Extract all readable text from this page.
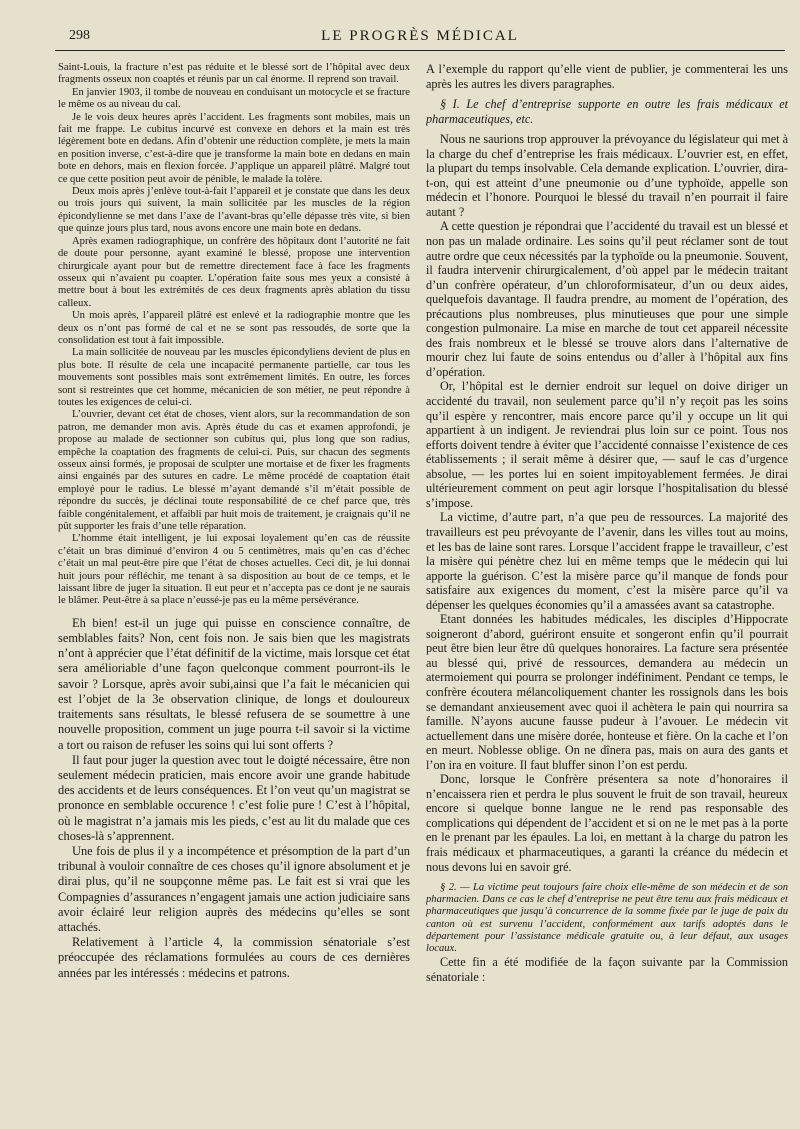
298	LE PROGRÈS MÉDICAL

Saint-Louis, la fracture n’est pas réduite et le blessé sort de l’hôpital avec deux fragments osseux non coaptés et réunis par un cal énorme. Il reprend son travail.

En janvier 1903, il tombe de nouveau en conduisant un motocycle et se fracture le même os au niveau du cal.

Je le vois deux heures après l’accident. Les fragments sont mobiles, mais un fait me frappe. Le cubitus incurvé est convexe en dehors et la main est très légèrement bote en dedans. Afin d’obtenir une réduction complète, je mets la main en position inverse, c’est-à-dire que je transforme la main bote en dedans en main bote en dehors, mais en flexion forcée. J’applique un appareil plâtré. Malgré tout ce que cette position peut avoir de pénible, le malade la tolère.

Deux mois après j’enlève tout-à-fait l’appareil et je constate que dans les deux ou trois jours qui suivent, la main sollicitée par les muscles de la région épicondylienne se met dans l’axe de l’avant-bras qu’elle dépasse très vite, si bien que quinze jours plus tard, nous avons encore une main bote en dedans.

Après examen radiographique, un confrère des hôpitaux dont l’autorité ne fait de doute pour personne, ayant examiné le blessé, propose une intervention chirurgicale ayant pour but de remettre directement face à face les fragments osseux qui n’avaient pu coapter. L’opération faite sous mes yeux a consisté à mettre bout à bout les extrémités de ces deux fragments après ablation du tissu calleux.

Un mois après, l’appareil plâtré est enlevé et la radiographie montre que les deux os n’ont pas formé de cal et ne se sont pas ressoudés, de sorte que la consolidation est tout à fait impossible.

La main sollicitée de nouveau par les muscles épicondyliens devient de plus en plus bote. Il résulte de cela une incapacité permanente partielle, car tous les mouvements sont possibles mais sont extrêmement limités. En outre, les forces sont si restreintes que cet homme, mécanicien de son métier, ne peut répondre à toutes les exigences de celui-ci.

L’ouvrier, devant cet état de choses, vient alors, sur la recommandation de son patron, me demander mon avis. Après étude du cas et examen approfondi, je propose au malade de sectionner son cubitus qui, plus long que son radius, empêche la coaptation des fragments de celui-ci. Puis, sur chacun des segments osseux ainsi formés, je proposai de sculpter une mortaise et de fixer les fragments ainsi engainés par des sutures en cadre. Le même procédé de coaptation était employé pour le radius. Le blessé m’ayant demandé s’il m’était possible de répondre du succès, je déclinai toute responsabilité de ce chef parce que, très faible congénitalement, et affaibli par huit mois de traitement, je craignais qu’il ne pût supporter les frais d’une telle réparation.

L’homme était intelligent, je lui exposai loyalement qu’en cas de réussite c’était un bras diminué d’environ 4 ou 5 centimètres, mais qu’en cas d’échec c’était un mal peut-être pire que l’état de choses actuelles. Ceci dit, je lui donnai huit jours pour réfléchir, me tenant à sa disposition au bout de ce temps, et le laissant libre de juger la situation. Il eut peur et n’accepta pas ce dont je ne saurais le blâmer. Peut-être à sa place n’eussé-je pas eu la même persévérance.

Eh bien! est-il un juge qui puisse en conscience connaître, de semblables faits? Non, cent fois non. Je sais bien que les magistrats n’ont à apprécier que l’état définitif de la victime, mais lorsque cet état sera amélioriable d’une façon quelconque comment pourront-ils le savoir ? Lorsque, après avoir subi,ainsi que l’a fait le mécanicien qui est l’objet de la 3e observation clinique, de longs et douloureux traitements sans résultats, le blessé refusera de se soumettre à une nouvelle proposition, comment un juge pourra t-il savoir si la victime a tort ou raison de refuser les soins qui lui sont offerts ?

Il faut pour juger la question avec tout le doigté nécessaire, être non seulement médecin praticien, mais encore avoir une grande habitude des accidents et de leurs conséquences. Et l’on veut qu’un magistrat se prononce en semblable occurence ! c’est folie pure ! C’est à l’hôpital, où le magistrat n’a jamais mis les pieds, c’est au lit du malade que ces choses-là s’apprennent.

Une fois de plus il y a incompétence et présomption de la part d’un tribunal à vouloir connaître de ces choses qu’il ignore absolument et je dirai plus, qu’il ne soupçonne même pas. Le fait est si vrai que les Compagnies d’assurances n’engagent jamais une action judiciaire sans avoir éclairé leur religion auprès des médecins qu’elles se sont attachés.

Relativement à l’article 4, la commission sénatoriale s’est préoccupée des réclamations formulées au cours de ces dernières années par les intéressés : médecins et patrons.

A l’exemple du rapport qu’elle vient de publier, je commenterai les uns après les autres les divers paragraphes.

§ I. Le chef d’entreprise supporte en outre les frais médicaux et pharmaceutiques, etc.

Nous ne saurions trop approuver la prévoyance du législateur qui met à la charge du chef d’entreprise les frais médicaux. L’ouvrier est, en effet, la plupart du temps insolvable. Cela demande explication. L’ouvrier, dira-t-on, qui est atteint d’une pneumonie ou d’une typhoïde, appelle son médecin et l’honore. Pourquoi le blessé du travail n’en pourrait il faire autant ?

A cette question je répondrai que l’accidenté du travail est un blessé et non pas un malade ordinaire. Les soins qu’il peut réclamer sont de tout autre ordre que ceux nécessités par la typhoïde ou la pneumonie. Souvent, il faudra intervenir chirurgicalement, d’où appel par le médecin traitant d’un confrère opérateur, d’un chloroformisateur, d’un ou deux aides, quelquefois davantage. Il faudra prendre, au moment de l’opération, des précautions plus nombreuses, plus minutieuses que pour une simple congestion pulmonaire. La mise en marche de tout cet appareil nécessite des frais nombreux et le blessé se trouve alors dans l’alternative de mourir chez lui faute de soins entendus ou d’aller à l’hôpital aux fins d’opération.

Or, l’hôpital est le dernier endroit sur lequel on doive diriger un accidenté du travail, non seulement parce qu’il n’y reçoit pas les soins qu’il espère y rencontrer, mais encore parce qu’il y occupe un lit qui appartient à un indigent. Je reviendrai plus loin sur ce point. Tous nos efforts doivent tendre à éviter que l’accidenté connaisse l’existence de ces établissements ; il serait même à désirer que, — sauf le cas d’urgence absolue, — les portes lui en soient impitoyablement fermées. Je dirai ultérieurement comment on peut agir lorsque l’hospitalisation du blessé s’impose.

La victime, d’autre part, n’a que peu de ressources. La majorité des travailleurs est peu prévoyante de l’avenir, dans les villes tout au moins, et les bas de laine sont rares. Lorsque l’accident frappe le travailleur, c’est la misère qui pénètre chez lui en même temps que le médecin qui lui apporte la guérison. C’est la misère parce qu’il manque de fonds pour satisfaire aux exigences du moment, c’est la misère parce qu’il va dépenser les quelques économies qu’il a amassées avant sa catastrophe.

Etant données les habitudes médicales, les disciples d’Hippocrate soigneront d’abord, guériront ensuite et songeront enfin qu’il pourrait peut être bien leur être dû quelques honoraires. La facture sera présentée au blessé qui, privé de ressources, demandera au médecin un atermoiement qui pourra se prolonger indéfiniment. Pendant ce temps, le confrère écoutera mélancoliquement chanter les rossignols dans les bois se demandant anxieusement avec quoi il achètera le pain qui nourrira sa famille. N’ayons aucune fausse pudeur à l’avouer. Le médecin vit actuellement dans une misère dorée, honteuse et fière. On la cache et l’on en meurt. Noblesse oblige. On ne dînera pas, mais on aura des gants et l’on ira en voiture. Il faut bluffer sinon l’on est perdu.

Donc, lorsque le Confrère présentera sa note d’honoraires il n’encaissera rien et perdra le plus souvent le fruit de son travail, heureux encore si quelque bonne langue ne le rend pas responsable des complications qui dépendent de l’accident et si on ne le met pas à la porte en le prenant par les épaules. La loi, en mettant à la charge du patron les frais médicaux et pharmaceutiques, a garanti la créance du médecin et nous devons lui en savoir gré.

§ 2. — La victime peut toujours faire choix elle-même de son médecin et de son pharmacien. Dans ce cas le chef d’entreprise ne peut être tenu aux frais médicaux et pharmaceutiques que jusqu’à concurrence de la somme fixée par le juge de paix du canton où est survenu l’accident, conformément aux tarifs adoptés dans le département pour l’assistance médicale gratuite ou, à leur défaut, aux usages locaux.

Cette fin a été modifiée de la façon suivante par la Commission sénatoriale :
